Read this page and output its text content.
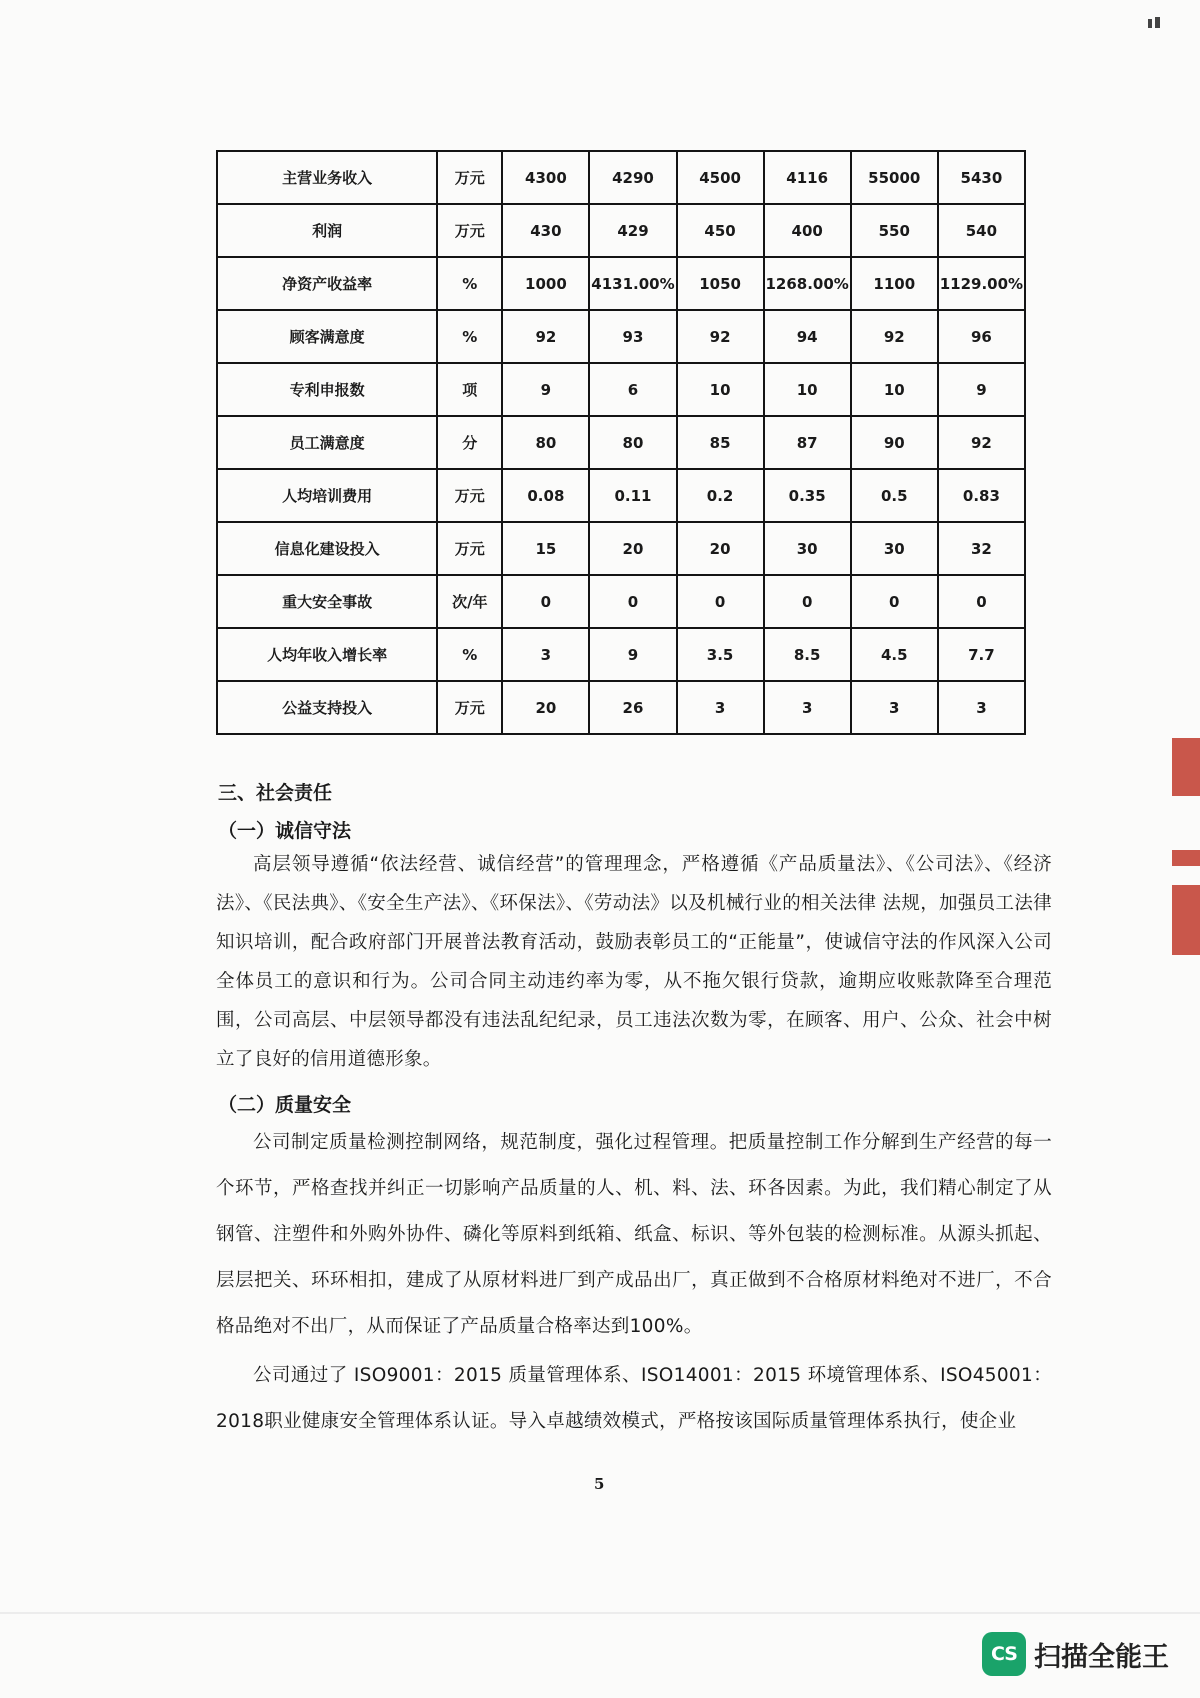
主营业务收入	万元	4300	4290	4500	4116	55000	5430
利润	万元	430	429	450	400	550	540
净资产收益率	%	1000	4131.00%	1050	1268.00%	1100	1129.00%
顾客满意度	%	92	93	92	94	92	96
专利申报数	项	9	6	10	10	10	9
员工满意度	分	80	80	85	87	90	92
人均培训费用	万元	0.08	0.11	0.2	0.35	0.5	0.83
信息化建设投入	万元	15	20	20	30	30	32
重大安全事故	次/年	0	0	0	0	0	0
人均年收入增长率	%	3	9	3.5	8.5	4.5	7.7
公益支持投入	万元	20	26	3	3	3	3
三、社会责任
（一）诚信守法
高层领导遵循“依法经营、诚信经营”的管理理念，严格遵循《产品质量法》、《公司法》、《经济法》、《民法典》、《安全生产法》、《环保法》、《劳动法》以及机械行业的相关法律 法规，加强员工法律知识培训，配合政府部门开展普法教育活动，鼓励表彰员工的“正能量”，使诚信守法的作风深入公司全体员工的意识和行为。公司合同主动违约率为零，从不拖欠银行贷款，逾期应收账款降至合理范围，公司高层、中层领导都没有违法乱纪纪录，员工违法次数为零，在顾客、用户、公众、社会中树立了良好的信用道德形象。
（二）质量安全
公司制定质量检测控制网络，规范制度，强化过程管理。把质量控制工作分解到生产经营的每一个环节，严格查找并纠正一切影响产品质量的人、机、料、法、环各因素。为此，我们精心制定了从钢管、注塑件和外购外协件、磷化等原料到纸箱、纸盒、标识、等外包装的检测标准。从源头抓起、层层把关、环环相扣，建成了从原材料进厂到产成品出厂，真正做到不合格原材料绝对不进厂，不合格品绝对不出厂，从而保证了产品质量合格率达到100%。
公司通过了 ISO9001：2015 质量管理体系、ISO14001：2015 环境管理体系、ISO45001：2018职业健康安全管理体系认证。导入卓越绩效模式，严格按该国际质量管理体系执行，使企业
5
CS 扫描全能王
